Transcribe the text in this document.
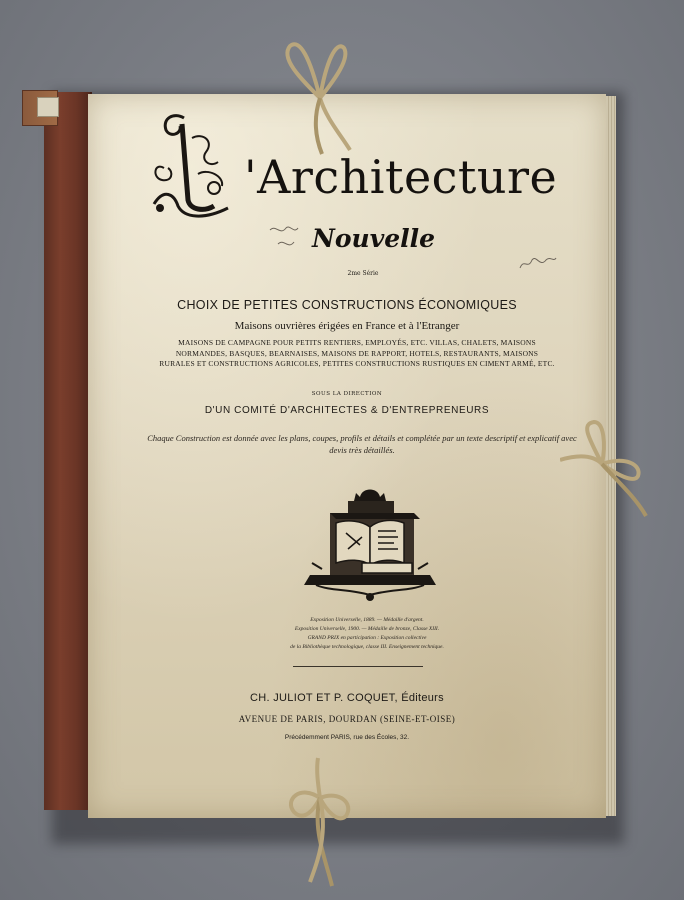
'Architecture
Nouvelle
2me Série
CHOIX DE PETITES CONSTRUCTIONS ÉCONOMIQUES
Maisons ouvrières érigées en France et à l'Etranger
MAISONS DE CAMPAGNE POUR PETITS RENTIERS, EMPLOYÉS, ETC. VILLAS, CHALETS, MAISONS NORMANDES, BASQUES, BEARNAISES, MAISONS DE RAPPORT, HOTELS, RESTAURANTS, MAISONS RURALES ET CONSTRUCTIONS AGRICOLES, PETITES CONSTRUCTIONS RUSTIQUES EN CIMENT ARMÉ, ETC.
SOUS LA DIRECTION
D'UN COMITÉ D'ARCHITECTES & D'ENTREPRENEURS
Chaque Construction est donnée avec les plans, coupes, profils et détails et complétée par un texte descriptif et explicatif avec devis très détaillés.
Exposition Universelle, 1889. — Médaille d'argent.
Exposition Universelle, 1900. — Médaille de bronze, Classe XIII.
GRAND PRIX en participation : Exposition collective
de la Bibliothèque technologique, classe III. Enseignement technique.
CH. JULIOT ET P. COQUET, Éditeurs
AVENUE DE PARIS, DOURDAN (SEINE-ET-OISE)
Précédemment PARIS, rue des Écoles, 32.
